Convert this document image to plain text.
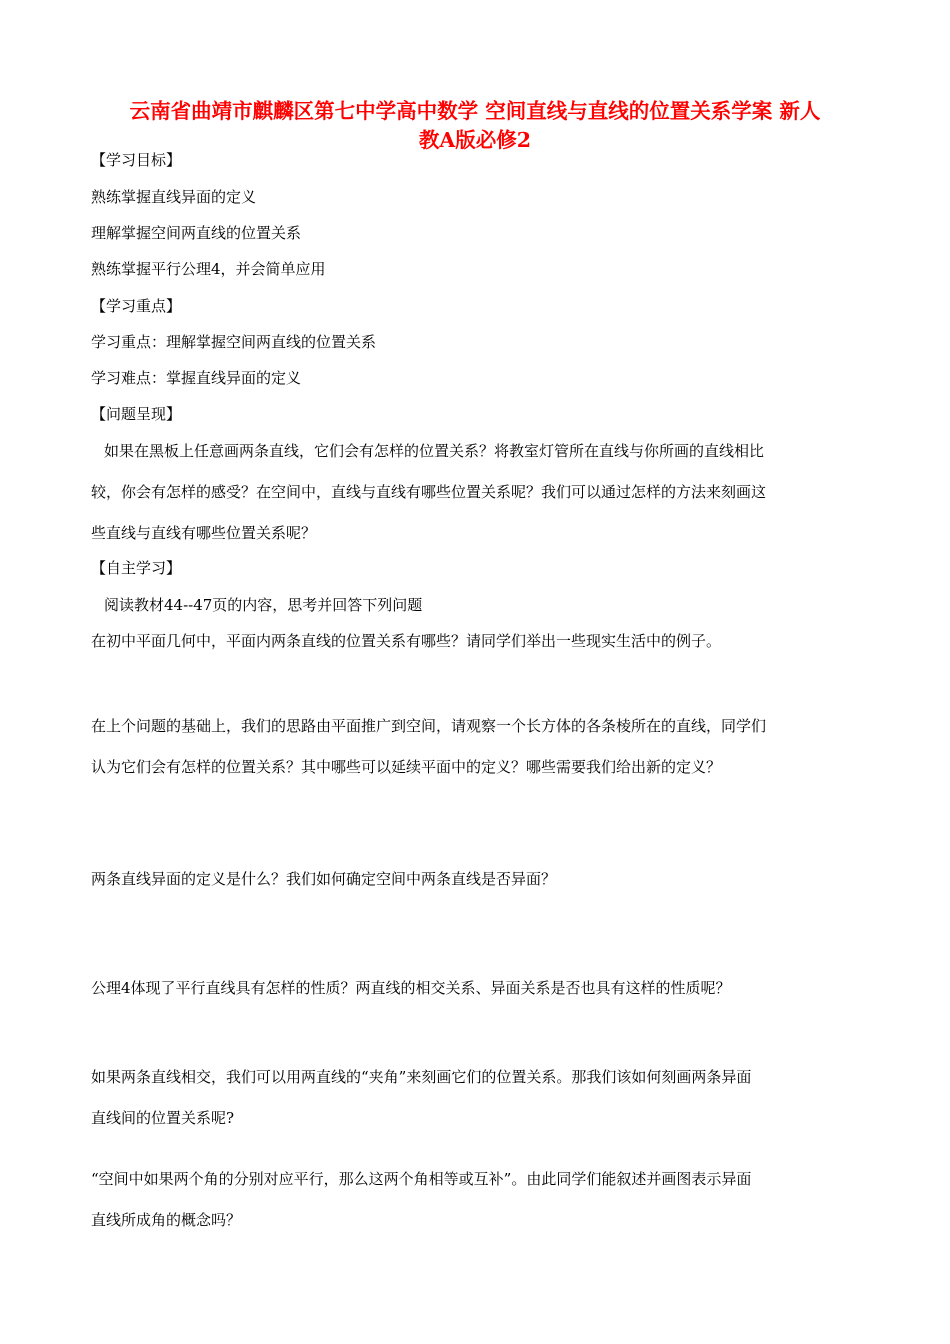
云南省曲靖市麒麟区第七中学高中数学 空间直线与直线的位置关系学案 新人
教A版必修2
【学习目标】
熟练掌握直线异面的定义
理解掌握空间两直线的位置关系
熟练掌握平行公理4，并会简单应用
【学习重点】
学习重点：理解掌握空间两直线的位置关系
学习难点：掌握直线异面的定义
【问题呈现】
如果在黑板上任意画两条直线，它们会有怎样的位置关系？将教室灯管所在直线与你所画的直线相比
较，你会有怎样的感受？在空间中，直线与直线有哪些位置关系呢？我们可以通过怎样的方法来刻画这
些直线与直线有哪些位置关系呢？
【自主学习】
阅读教材44--47页的内容，思考并回答下列问题
在初中平面几何中，平面内两条直线的位置关系有哪些？请同学们举出一些现实生活中的例子。
在上个问题的基础上，我们的思路由平面推广到空间，请观察一个长方体的各条棱所在的直线，同学们
认为它们会有怎样的位置关系？其中哪些可以延续平面中的定义？哪些需要我们给出新的定义？
两条直线异面的定义是什么？我们如何确定空间中两条直线是否异面？
公理4体现了平行直线具有怎样的性质？两直线的相交关系、异面关系是否也具有这样的性质呢？
如果两条直线相交，我们可以用两直线的“夹角”来刻画它们的位置关系。那我们该如何刻画两条异面
直线间的位置关系呢?
“空间中如果两个角的分别对应平行，那么这两个角相等或互补”。由此同学们能叙述并画图表示异面
直线所成角的概念吗？
